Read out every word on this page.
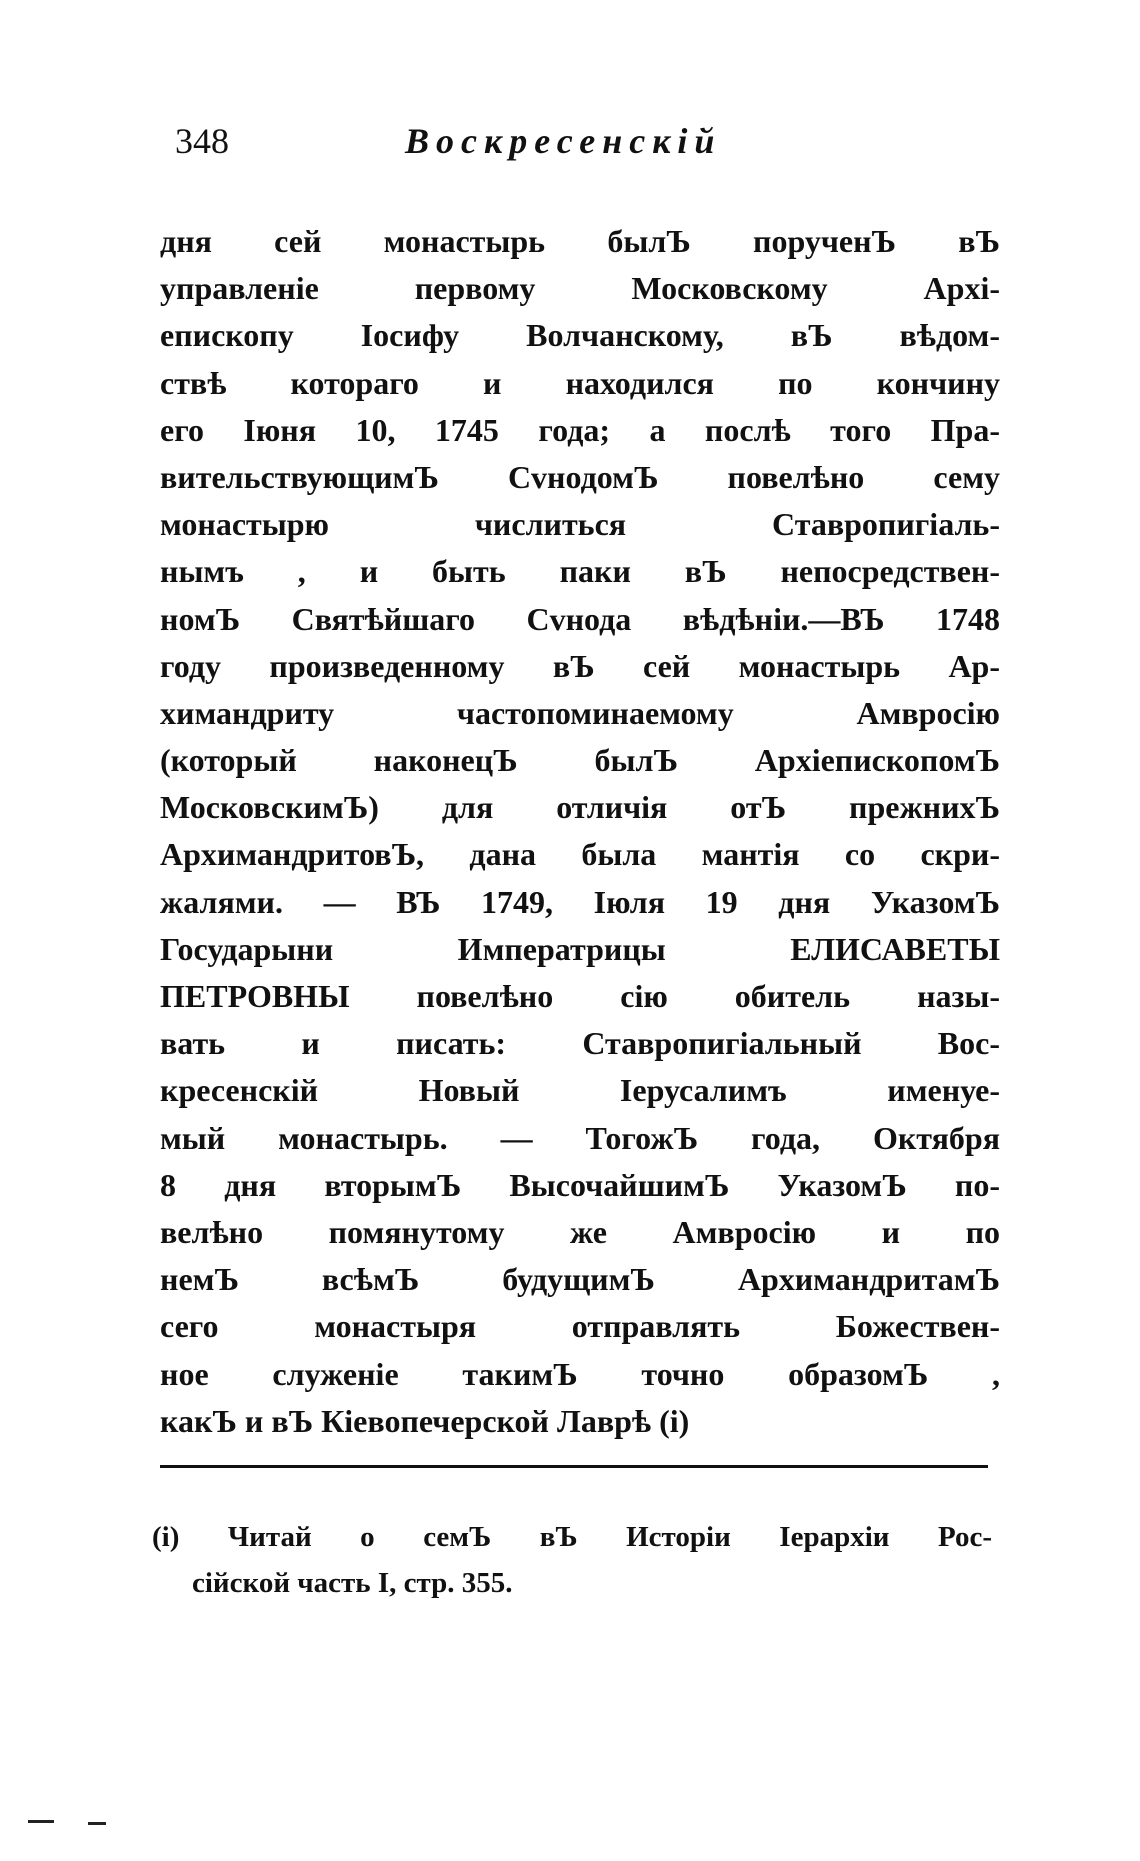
348	Воскресенскій
дня сей монастырь былЪ порученЪ вЪ
управленіе первому Московскому Архі-
епископу Іосифу Волчанскому, вЪ вѣдом-
ствѣ котораго и находился по кончину
его Іюня 10, 1745 года; а послѣ того Пра-
вительствующимЪ СvнодомЪ повелѣно сему
монастырю числиться Ставропигіаль-
нымъ , и быть паки вЪ непосредствен-
номЪ Святѣйшаго Сvнода вѣдѣніи.—ВЪ 1748
году произведенному вЪ сей монастырь Ар-
химандриту частопоминаемому Амвросію
(который наконецЪ былЪ АрхіепископомЪ
МосковскимЪ) для отличія отЪ прежнихЪ
АрхимандритовЪ, дана была мантія со скри-
жалями. — ВЪ 1749, Іюля 19 дня УказомЪ
Государыни Императрицы ЕЛИСАВЕТЫ
ПЕТРОВНЫ повелѣно сію обитель назы-
вать и писать: Ставропигіальный Вос-
кресенскій Новый Іерусалимъ именуе-
мый монастырь. — ТогожЪ года, Октября
8 дня вторымЪ ВысочайшимЪ УказомЪ по-
велѣно помянутому же Амвросію и по
немЪ всѣмЪ будущимЪ АрхимандритамЪ
сего монастыря отправлять Божествен-
ное служеніе такимЪ точно образомЪ ,
какЪ и вЪ Кіевопечерской Лаврѣ (і)
(і) Читай о семЪ вЪ Исторіи Іерархіи Рос-
сійской часть I, стр. 355.
